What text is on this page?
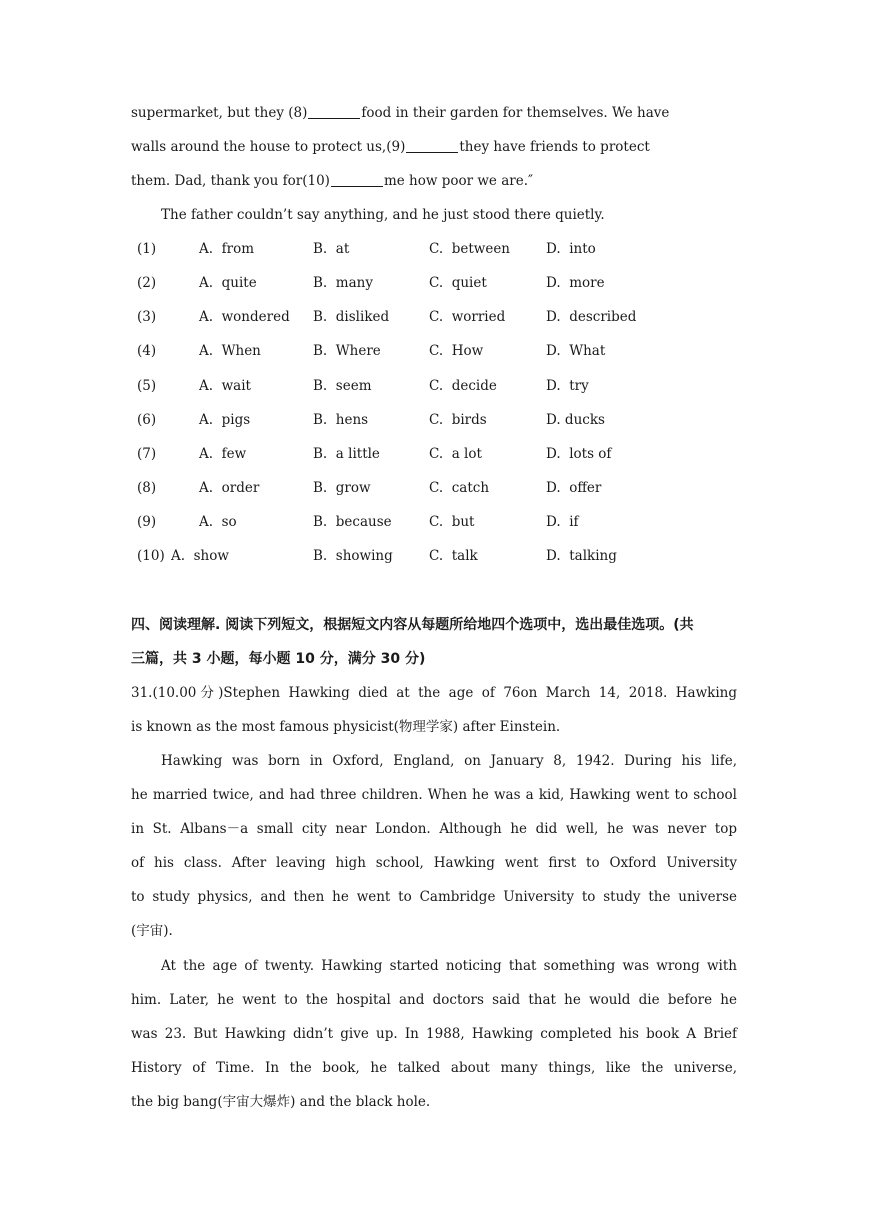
supermarket, but they (8)	food in their garden for themselves. We have
walls around the house to protect us,(9)	they have friends to protect
them. Dad, thank you for(10)	me how poor we are.″
The father couldn’t say anything, and he just stood there quietly.
(1)	A.  from	B.  at	C.  between	D.  into
(2)	A.  quite	B.  many	C.  quiet	D.  more
(3)	A.  wondered B.  disliked	C.  worried	D.  described
(4)	A.  When	B.  Where	C.  How	D.  What
(5)	A.  wait	B.  seem	C.  decide	D.  try
(6)	A.  pigs	B.  hens	C.  birds	D. ducks
(7)	A.  few	B.  a little	C.  a lot	D.  lots of
(8)	A.  order	B.  grow	C.  catch	D.  offer
(9)	A.  so	B.  because	C.  but	D.  if
(10) A.  show	B.  showing	C.  talk	D.  talking
四、阅读理解. 阅读下列短文，根据短文内容从每题所给地四个选项中，选出最佳选项。(共
三篇，共 3 小题，每小题 10 分，满分 30 分)
31.(10.00分)Stephen Hawking died at the age of 76on March 14, 2018. Hawking
is known as the most famous physicist(物理学家) after Einstein.
Hawking was born in Oxford, England, on January 8, 1942. During his life,
he married twice, and had three children. When he was a kid, Hawking went to school
in St. Albans－a small city near London. Although he did well, he was never top
of his class. After leaving high school, Hawking went first to Oxford University
to study physics, and then he went to Cambridge University to study the universe
(宇宙).
At the age of twenty. Hawking started noticing that something was wrong with
him. Later, he went to the hospital and doctors said that he would die before he
was 23. But Hawking didn’t give up. In 1988, Hawking completed his book A Brief
History of Time. In the book, he talked about many things, like the universe,
the big bang(宇宙大爆炸) and the black hole.
